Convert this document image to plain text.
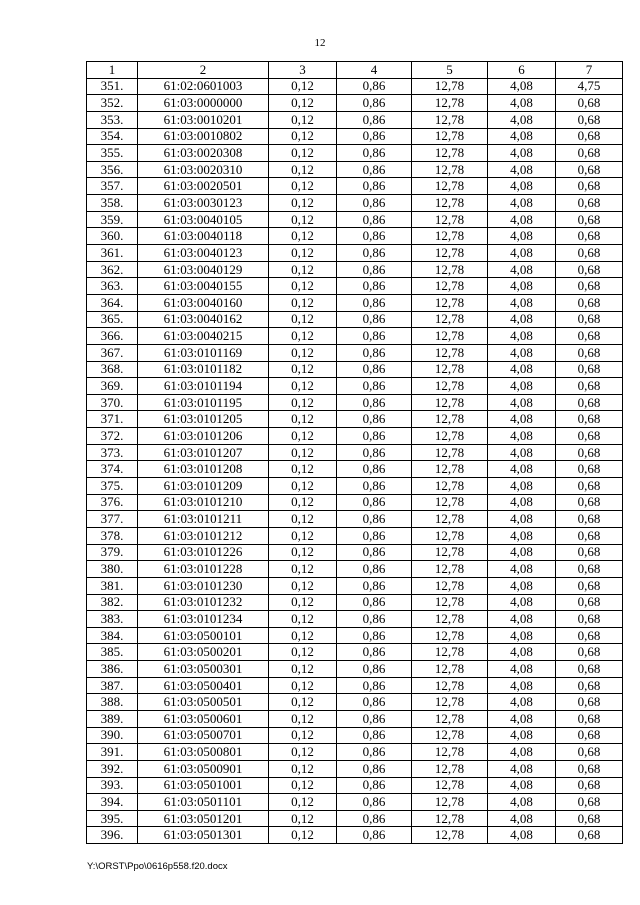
12
1	2	3	4	5	6	7
351.	61:02:0601003	0,12	0,86	12,78	4,08	4,75
352.	61:03:0000000	0,12	0,86	12,78	4,08	0,68
353.	61:03:0010201	0,12	0,86	12,78	4,08	0,68
354.	61:03:0010802	0,12	0,86	12,78	4,08	0,68
355.	61:03:0020308	0,12	0,86	12,78	4,08	0,68
356.	61:03:0020310	0,12	0,86	12,78	4,08	0,68
357.	61:03:0020501	0,12	0,86	12,78	4,08	0,68
358.	61:03:0030123	0,12	0,86	12,78	4,08	0,68
359.	61:03:0040105	0,12	0,86	12,78	4,08	0,68
360.	61:03:0040118	0,12	0,86	12,78	4,08	0,68
361.	61:03:0040123	0,12	0,86	12,78	4,08	0,68
362.	61:03:0040129	0,12	0,86	12,78	4,08	0,68
363.	61:03:0040155	0,12	0,86	12,78	4,08	0,68
364.	61:03:0040160	0,12	0,86	12,78	4,08	0,68
365.	61:03:0040162	0,12	0,86	12,78	4,08	0,68
366.	61:03:0040215	0,12	0,86	12,78	4,08	0,68
367.	61:03:0101169	0,12	0,86	12,78	4,08	0,68
368.	61:03:0101182	0,12	0,86	12,78	4,08	0,68
369.	61:03:0101194	0,12	0,86	12,78	4,08	0,68
370.	61:03:0101195	0,12	0,86	12,78	4,08	0,68
371.	61:03:0101205	0,12	0,86	12,78	4,08	0,68
372.	61:03:0101206	0,12	0,86	12,78	4,08	0,68
373.	61:03:0101207	0,12	0,86	12,78	4,08	0,68
374.	61:03:0101208	0,12	0,86	12,78	4,08	0,68
375.	61:03:0101209	0,12	0,86	12,78	4,08	0,68
376.	61:03:0101210	0,12	0,86	12,78	4,08	0,68
377.	61:03:0101211	0,12	0,86	12,78	4,08	0,68
378.	61:03:0101212	0,12	0,86	12,78	4,08	0,68
379.	61:03:0101226	0,12	0,86	12,78	4,08	0,68
380.	61:03:0101228	0,12	0,86	12,78	4,08	0,68
381.	61:03:0101230	0,12	0,86	12,78	4,08	0,68
382.	61:03:0101232	0,12	0,86	12,78	4,08	0,68
383.	61:03:0101234	0,12	0,86	12,78	4,08	0,68
384.	61:03:0500101	0,12	0,86	12,78	4,08	0,68
385.	61:03:0500201	0,12	0,86	12,78	4,08	0,68
386.	61:03:0500301	0,12	0,86	12,78	4,08	0,68
387.	61:03:0500401	0,12	0,86	12,78	4,08	0,68
388.	61:03:0500501	0,12	0,86	12,78	4,08	0,68
389.	61:03:0500601	0,12	0,86	12,78	4,08	0,68
390.	61:03:0500701	0,12	0,86	12,78	4,08	0,68
391.	61:03:0500801	0,12	0,86	12,78	4,08	0,68
392.	61:03:0500901	0,12	0,86	12,78	4,08	0,68
393.	61:03:0501001	0,12	0,86	12,78	4,08	0,68
394.	61:03:0501101	0,12	0,86	12,78	4,08	0,68
395.	61:03:0501201	0,12	0,86	12,78	4,08	0,68
396.	61:03:0501301	0,12	0,86	12,78	4,08	0,68
Y:\ORST\Ppo\0616p558.f20.docx
